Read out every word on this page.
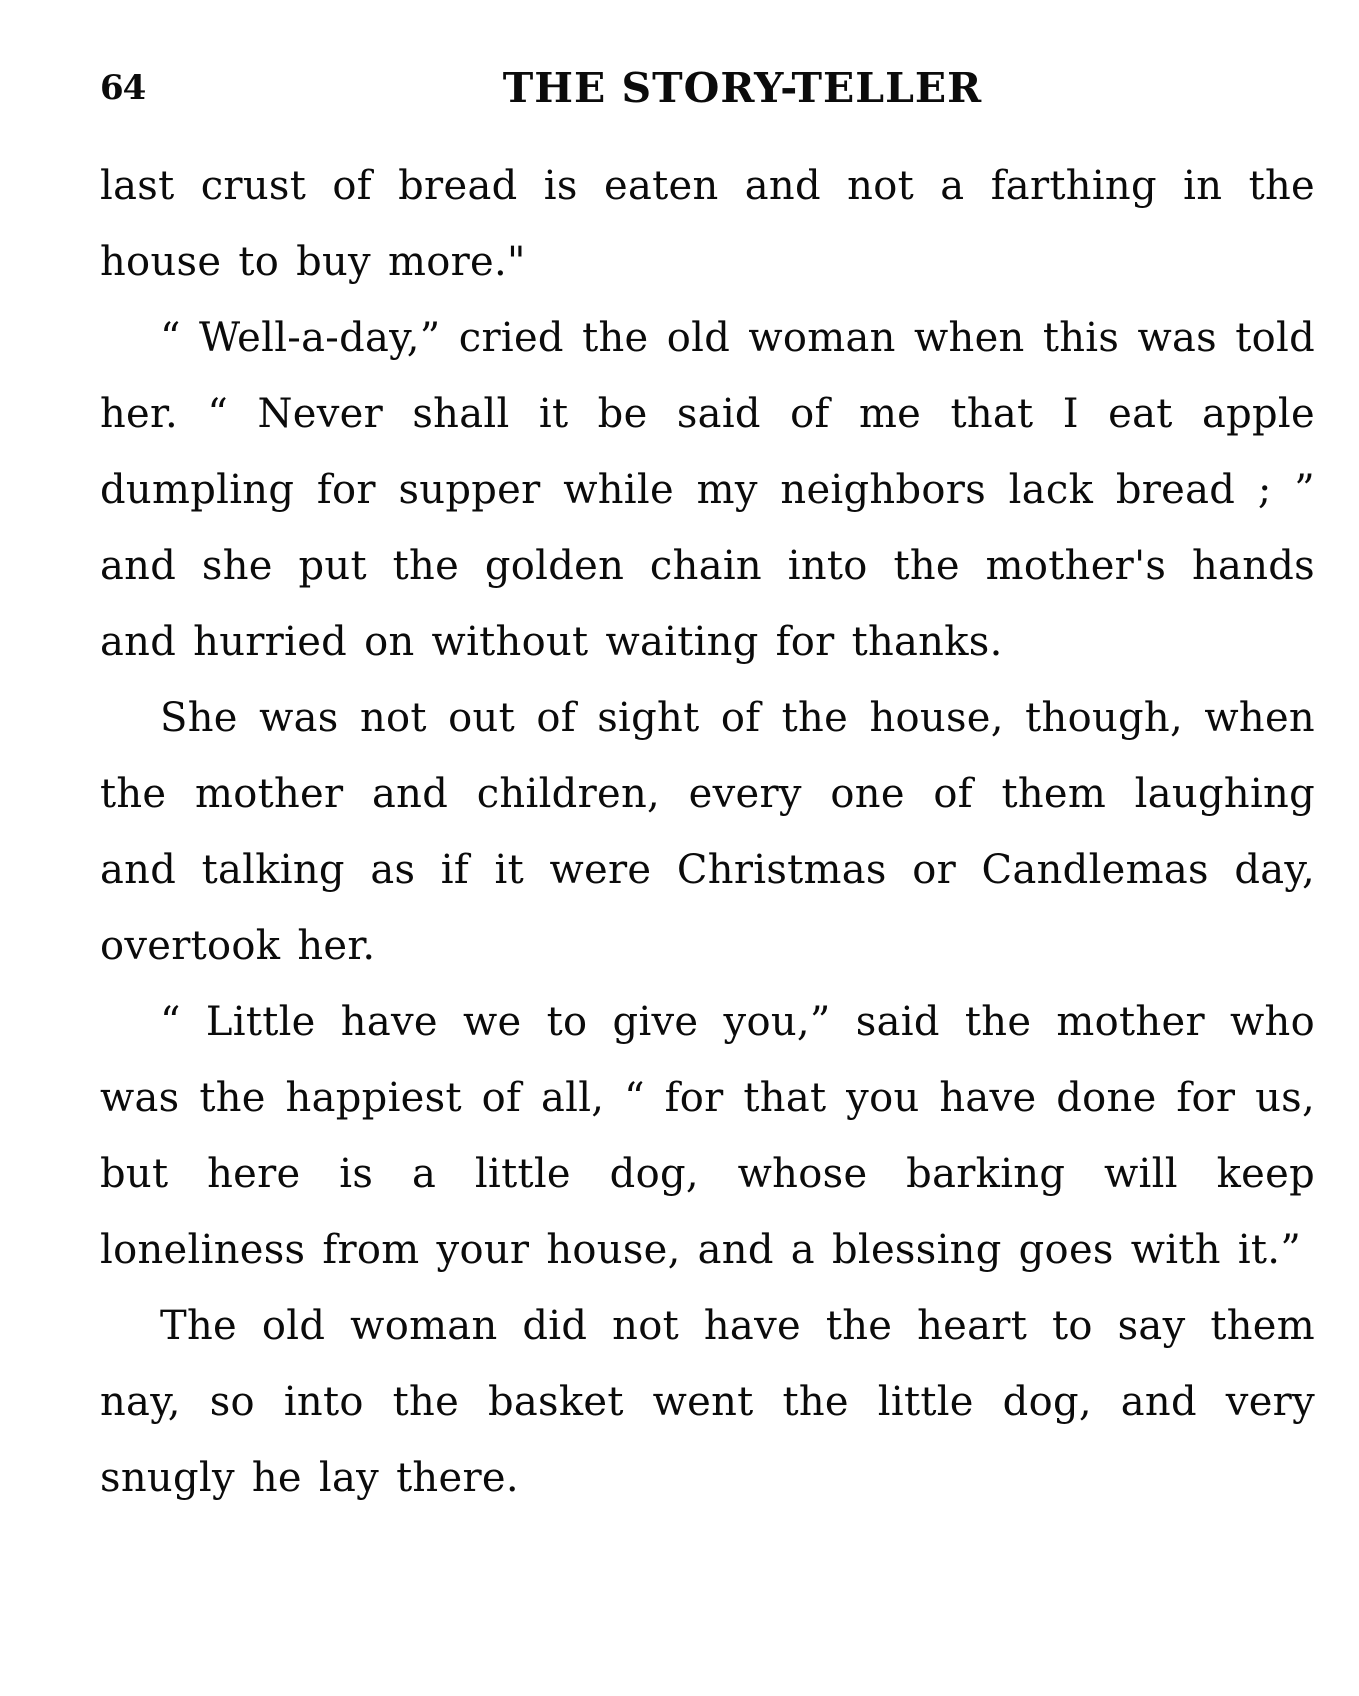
64	THE STORY-TELLER

last crust of bread is eaten and not a farthing in the house to buy more."

“ Well-a-day,” cried the old woman when this was told her. “ Never shall it be said of me that I eat apple dumpling for supper while my neighbors lack bread ; ” and she put the golden chain into the mother's hands and hurried on without waiting for thanks.

She was not out of sight of the house, though, when the mother and children, every one of them laughing and talking as if it were Christmas or Candlemas day, overtook her.

“ Little have we to give you,” said the mother who was the happiest of all, “ for that you have done for us, but here is a little dog, whose barking will keep loneliness from your house, and a blessing goes with it.”

The old woman did not have the heart to say them nay, so into the basket went the little dog, and very snugly he lay there.
